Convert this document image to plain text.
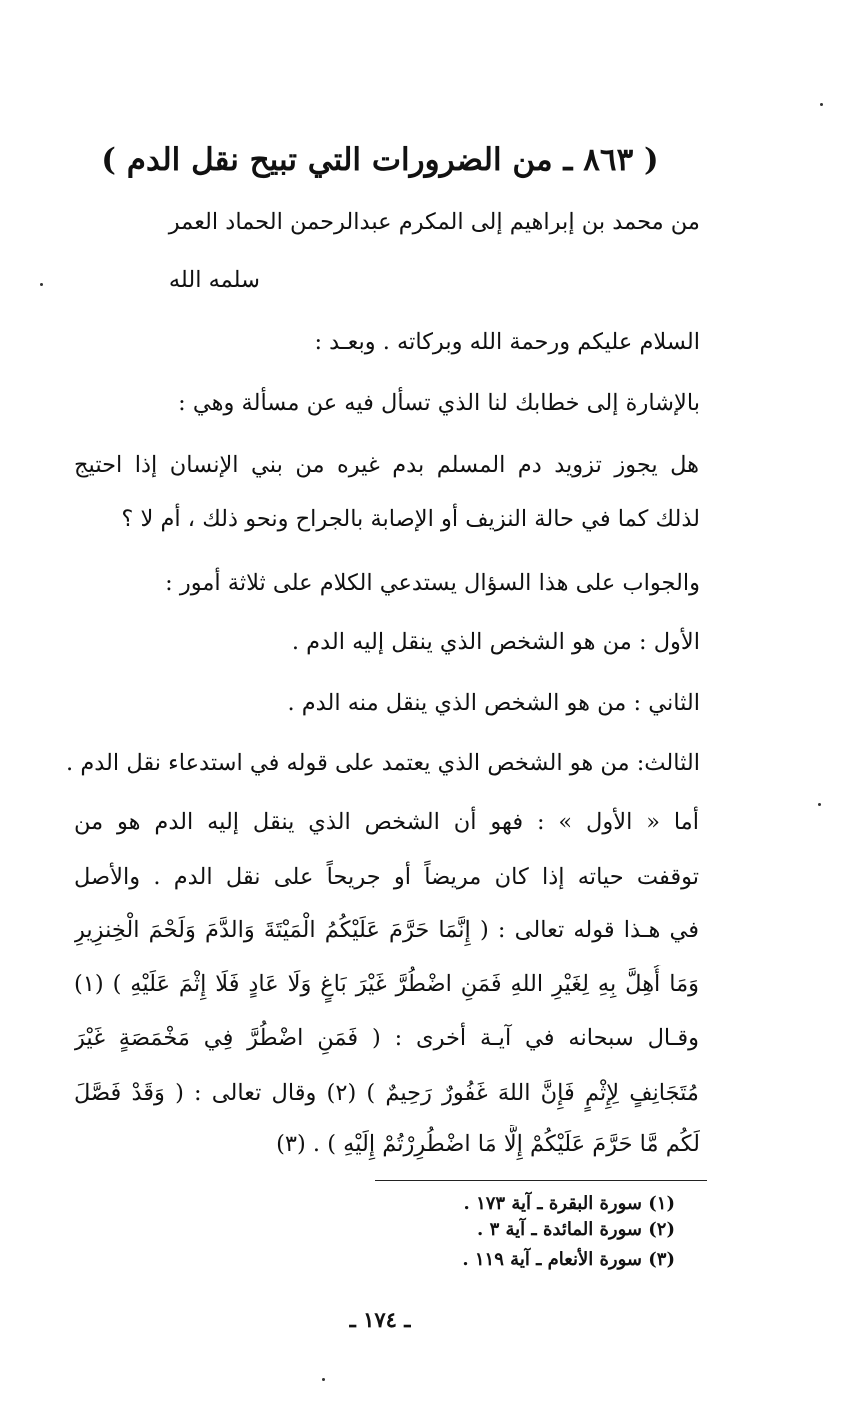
( ٨٦٣ ـ من الضرورات التي تبيح نقل الدم )
من محمد بن إبراهيم إلى المكرم عبدالرحمن الحماد العمر
سلمه الله
السلام عليكم ورحمة الله وبركاته . وبعـد :
بالإشارة إلى خطابك لنا الذي تسأل فيه عن مسألة وهي :
هل يجوز تزويد دم المسلم بدم غيره من بني الإنسان إذا احتيج
لذلك كما في حالة النزيف أو الإصابة بالجراح ونحو ذلك ، أم لا ؟
والجواب على هذا السؤال يستدعي الكلام على ثلاثة أمور :
الأول : من هو الشخص الذي ينقل إليه الدم .
الثاني : من هو الشخص الذي ينقل منه الدم .
الثالث: من هو الشخص الذي يعتمد على قوله في استدعاء نقل الدم .
أما « الأول » : فهو أن الشخص الذي ينقل إليه الدم هو من
توقفت حياته إذا كان مريضاً أو جريحاً على نقل الدم . والأصل
في هـذا قوله تعالى : ( إِنَّمَا حَرَّمَ عَلَيْكُمُ الْمَيْتَةَ وَالدَّمَ وَلَحْمَ الْخِنزِيرِ
وَمَا أُهِلَّ بِهِ لِغَيْرِ اللهِ فَمَنِ اضْطُرَّ غَيْرَ بَاغٍ وَلَا عَادٍ فَلَا إِثْمَ عَلَيْهِ ) (١)
وقـال سبحانه في آيـة أخرى : ( فَمَنِ اضْطُرَّ فِي مَخْمَصَةٍ غَيْرَ
مُتَجَانِفٍ لِإِثْمٍ فَإِنَّ اللهَ غَفُورٌ رَحِيمٌ ) (٢) وقال تعالى : ( وَقَدْ فَصَّلَ
لَكُم مَّا حَرَّمَ عَلَيْكُمْ إِلَّا مَا اضْطُرِرْتُمْ إِلَيْهِ ) . (٣)
(١) سورة البقرة ـ آية ١٧٣ .
(٢) سورة المائدة ـ آية ٣ .
(٣) سورة الأنعام ـ آية ١١٩ .
ـ ١٧٤ ـ
